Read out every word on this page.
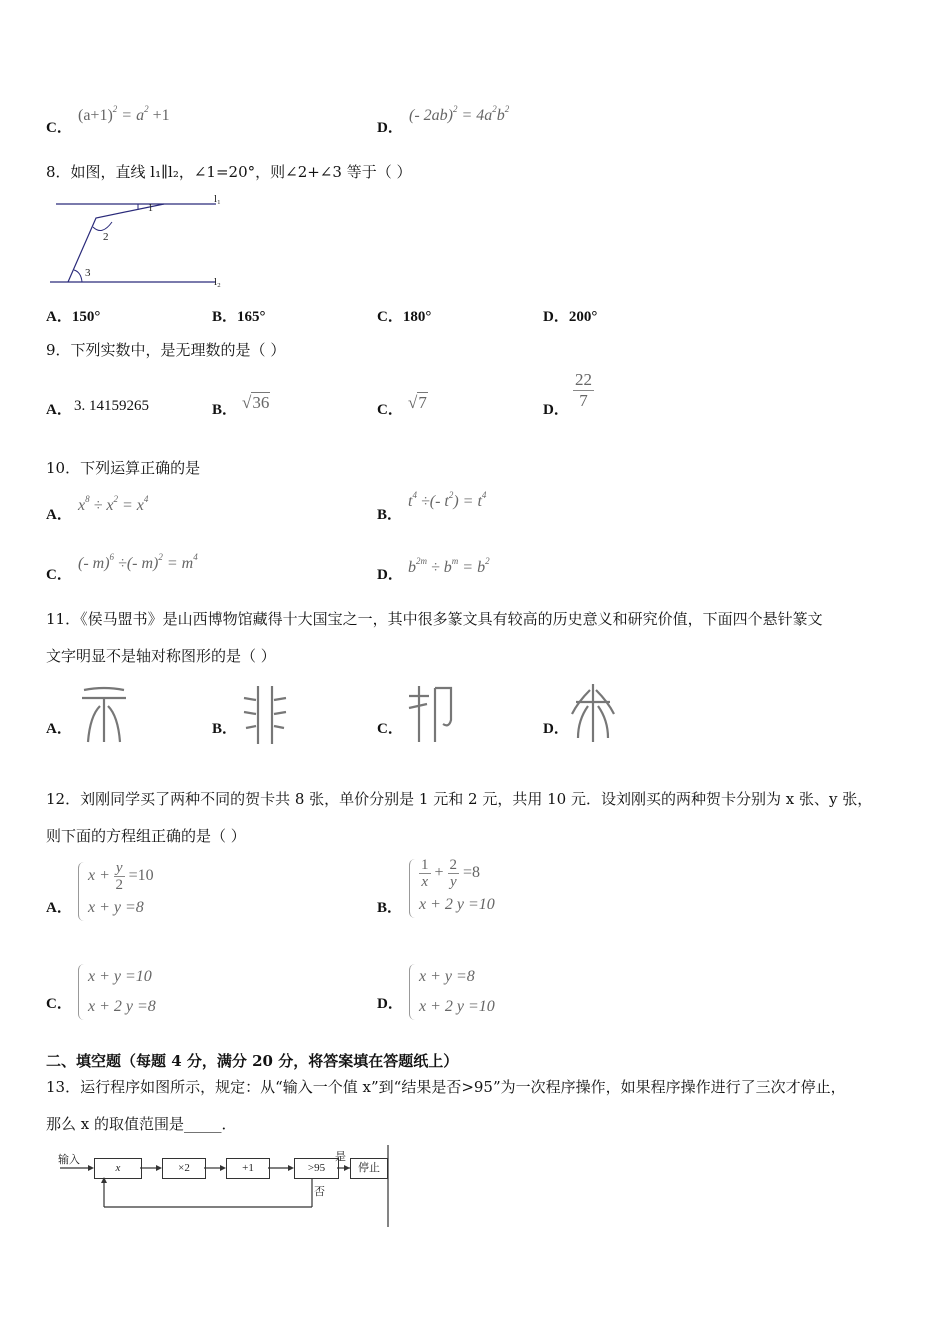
C．
$(a+1)^2 = a^2 +1$
D．
(- $2ab)^2 = 4a^2b^2$
8．如图，直线 l₁∥l₂，∠1=20°，则∠2+∠3 等于（ ）
l₁
l₂
1
2
3
A．150°	B．165°	C．180°	D．200°
9．下列实数中，是无理数的是（ ）
A． 3. 14159265	B． √36	C． √7	D． $\frac{22}{7}$
10．下列运算正确的是
A．
$x^8 \div x^2 = x^4$
B．
$t^4$ ÷(- $t^2) = t^4$
C．
(- m)$^6$ ÷(- $m)^2 = m^4$
D． $b^{2m} \div b^m = b^2$
11．《侯马盟书》是山西博物馆藏得十大国宝之一，其中很多篆文具有较高的历史意义和研究价值，下面四个悬针篆文
文字明显不是轴对称图形的是（ ）
A．	B．	C．	D．
12．刘刚同学买了两种不同的贺卡共 8 张，单价分别是 1 元和 2 元，共用 10 元．设刘刚买的两种贺卡分别为 x 张、y 张，
则下面的方程组正确的是（ ）
A．
$x + \frac{y}{2} =10$
x + y =8	B．
$\frac{1}{x} + \frac{2}{y} =8$
x + 2 y =10
C．
x + y =10
x + 2 y =8	D．
x + y =8
x + 2 y =10
二、填空题（每题 4 分，满分 20 分，将答案填在答题纸上）
13．运行程序如图所示，规定：从“输入一个值 x”到“结果是否>95”为一次程序操作，如果程序操作进行了三次才停止，
那么 x 的取值范围是_____．
输入
x	×2	+1	>95
是
否
停止
